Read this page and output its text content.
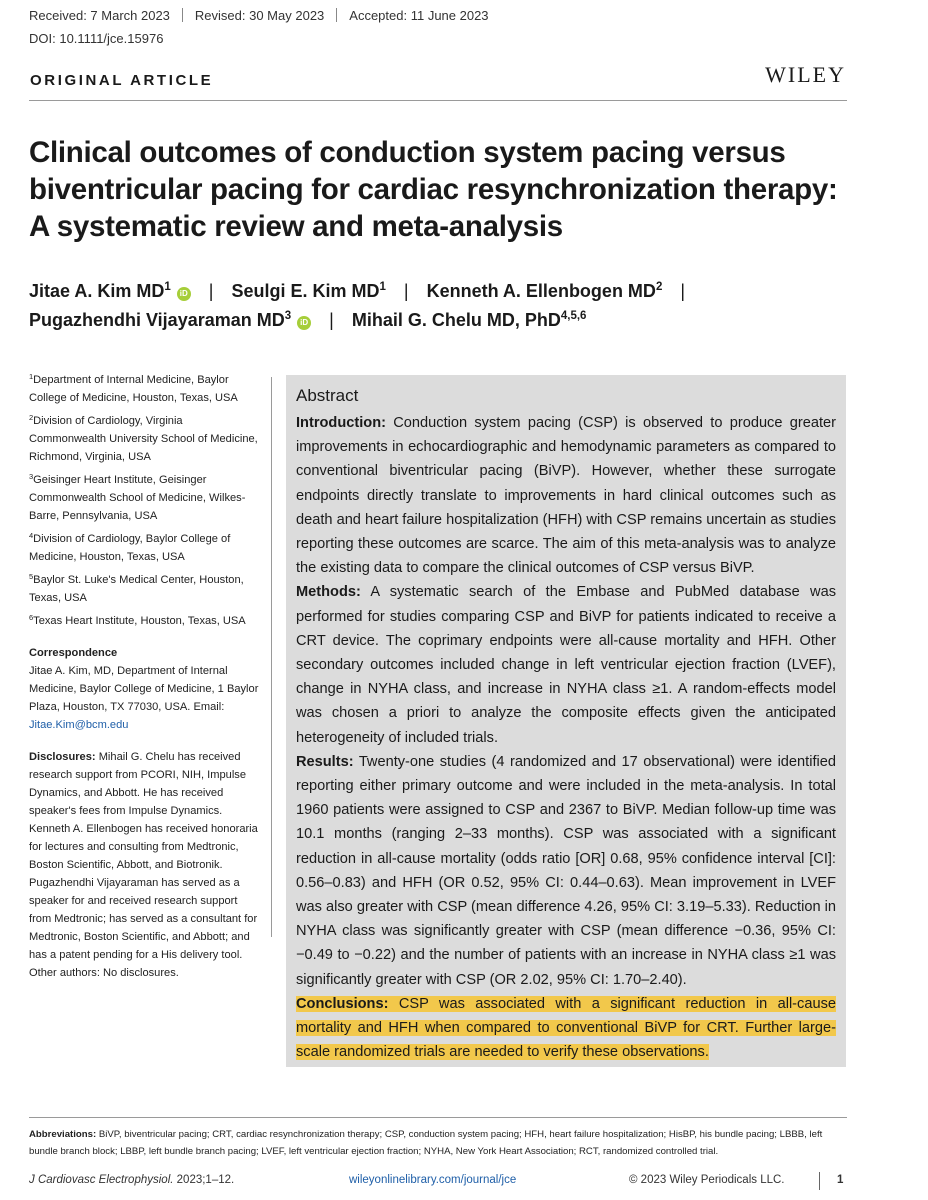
Received: 7 March 2023 Revised: 30 May 2023 Accepted: 11 June 2023
DOI: 10.1111/jce.15976
ORIGINAL ARTICLE	WILEY
Clinical outcomes of conduction system pacing versus
biventricular pacing for cardiac resynchronization therapy:
A systematic review and meta-analysis
Jitae A. Kim $MD^1iD$ | Seulgi E. Kim $MD^1$ | Kenneth A. Ellenbogen $MD^2$ |
Pugazhendhi Vijayaraman $MD^3iD$ | Mihail G. Chelu MD, PhD$^{4,5,6}$
$^1$Department of Internal Medicine, Baylor College of Medicine, Houston, Texas, USA
$^2$Division of Cardiology, Virginia Commonwealth University School of Medicine, Richmond, Virginia, USA
$^3$Geisinger Heart Institute, Geisinger Commonwealth School of Medicine, Wilkes-Barre, Pennsylvania, USA
$^4$Division of Cardiology, Baylor College of Medicine, Houston, Texas, USA
$^5$Baylor St. Luke's Medical Center, Houston, Texas, USA
$^6$Texas Heart Institute, Houston, Texas, USA
Correspondence
Jitae A. Kim, MD, Department of Internal Medicine, Baylor College of Medicine, 1 Baylor Plaza, Houston, TX 77030, USA. Email: Jitae.Kim@bcm.edu
Disclosures: Mihail G. Chelu has received research support from PCORI, NIH, Impulse Dynamics, and Abbott. He has received speaker's fees from Impulse Dynamics. Kenneth A. Ellenbogen has received honoraria for lectures and consulting from Medtronic, Boston Scientific, Abbott, and Biotronik. Pugazhendhi Vijayaraman has served as a speaker for and received research support from Medtronic; has served as a consultant for Medtronic, Boston Scientific, and Abbott; and has a patent pending for a His delivery tool. Other authors: No disclosures.
Abstract

Introduction: Conduction system pacing (CSP) is observed to produce greater improvements in echocardiographic and hemodynamic parameters as compared to conventional biventricular pacing (BiVP). However, whether these surrogate endpoints directly translate to improvements in hard clinical outcomes such as death and heart failure hospitalization (HFH) with CSP remains uncertain as studies reporting these outcomes are scarce. The aim of this meta-analysis was to analyze the existing data to compare the clinical outcomes of CSP versus BiVP.

Methods: A systematic search of the Embase and PubMed database was performed for studies comparing CSP and BiVP for patients indicated to receive a CRT device. The coprimary endpoints were all-cause mortality and HFH. Other secondary outcomes included change in left ventricular ejection fraction (LVEF), change in NYHA class, and increase in NYHA class ≥1. A random-effects model was chosen a priori to analyze the composite effects given the anticipated heterogeneity of included trials.

Results: Twenty-one studies (4 randomized and 17 observational) were identified reporting either primary outcome and were included in the meta-analysis. In total 1960 patients were assigned to CSP and 2367 to BiVP. Median follow-up time was 10.1 months (ranging 2–33 months). CSP was associated with a significant reduction in all-cause mortality (odds ratio [OR] 0.68, 95% confidence interval [CI]: 0.56–0.83) and HFH (OR 0.52, 95% CI: 0.44–0.63). Mean improvement in LVEF was also greater with CSP (mean difference 4.26, 95% CI: 3.19–5.33). Reduction in NYHA class was significantly greater with CSP (mean difference −0.36, 95% CI: −0.49 to −0.22) and the number of patients with an increase in NYHA class ≥1 was significantly greater with CSP (OR 2.02, 95% CI: 1.70–2.40).

Conclusions: CSP was associated with a significant reduction in all-cause mortality and HFH when compared to conventional BiVP for CRT. Further large-scale randomized trials are needed to verify these observations.

Abbreviations: BiVP, biventricular pacing; CRT, cardiac resynchronization therapy; CSP, conduction system pacing; HFH, heart failure hospitalization; HisBP, his bundle pacing; LBBB, left bundle branch block; LBBP, left bundle branch pacing; LVEF, left ventricular ejection fraction; NYHA, New York Heart Association; RCT, randomized controlled trial.
J Cardiovasc Electrophysiol. 2023;1–12.	wileyonlinelibrary.com/journal/jce	© 2023 Wiley Periodicals LLC.	1
